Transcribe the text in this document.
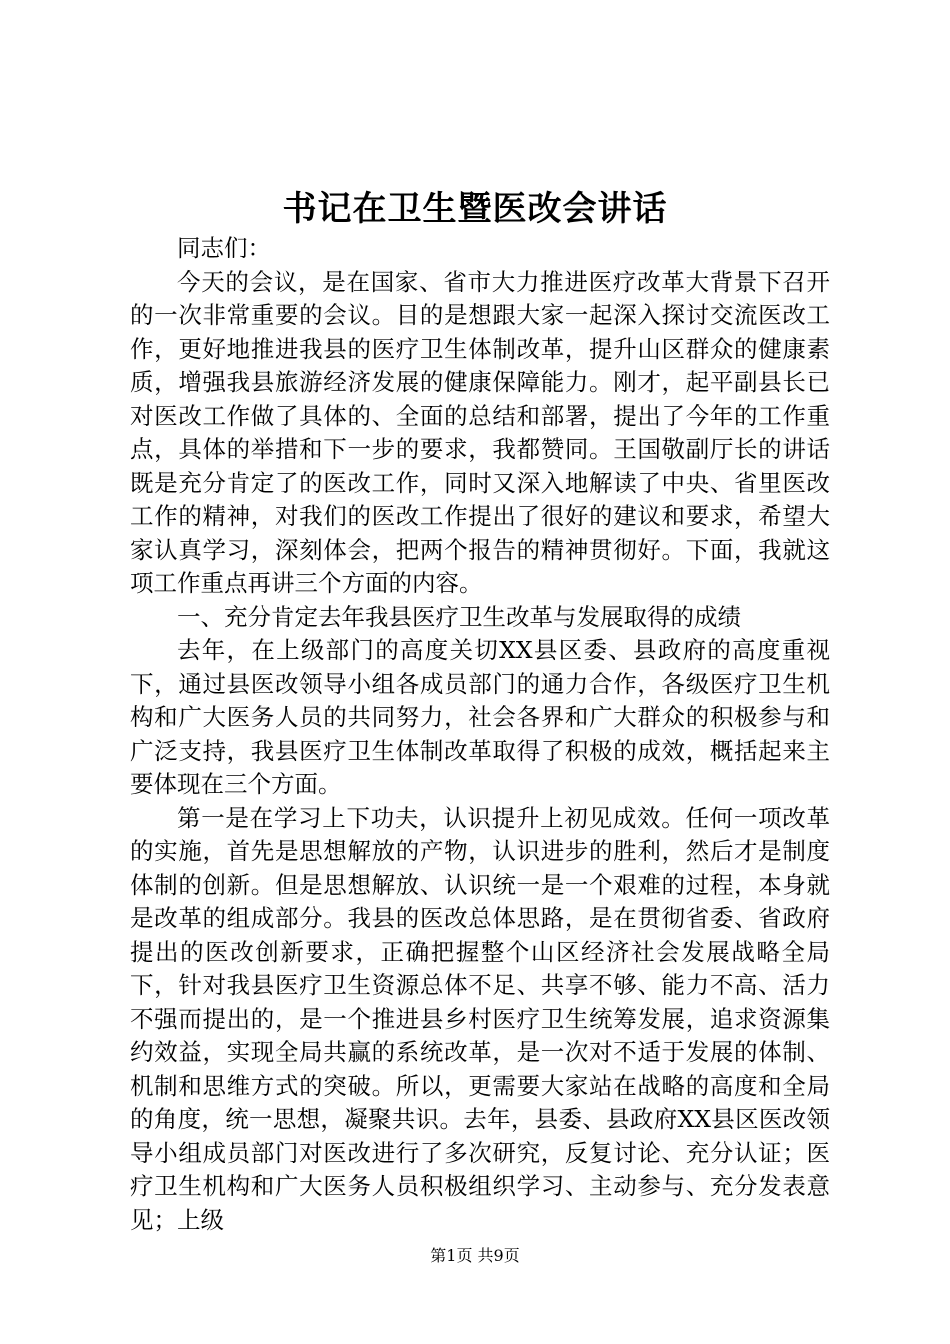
书记在卫生暨医改会讲话

同志们：

今天的会议，是在国家、省市大力推进医疗改革大背景下召开的一次非常重要的会议。目的是想跟大家一起深入探讨交流医改工作，更好地推进我县的医疗卫生体制改革，提升山区群众的健康素质，增强我县旅游经济发展的健康保障能力。刚才，起平副县长已对医改工作做了具体的、全面的总结和部署，提出了今年的工作重点，具体的举措和下一步的要求，我都赞同。王国敬副厅长的讲话既是充分肯定了的医改工作，同时又深入地解读了中央、省里医改工作的精神，对我们的医改工作提出了很好的建议和要求，希望大家认真学习，深刻体会，把两个报告的精神贯彻好。下面，我就这项工作重点再讲三个方面的内容。

一、充分肯定去年我县医疗卫生改革与发展取得的成绩

去年，在上级部门的高度关切XX县区委、县政府的高度重视下，通过县医改领导小组各成员部门的通力合作，各级医疗卫生机构和广大医务人员的共同努力，社会各界和广大群众的积极参与和广泛支持，我县医疗卫生体制改革取得了积极的成效，概括起来主要体现在三个方面。

第一是在学习上下功夫，认识提升上初见成效。任何一项改革的实施，首先是思想解放的产物，认识进步的胜利，然后才是制度体制的创新。但是思想解放、认识统一是一个艰难的过程，本身就是改革的组成部分。我县的医改总体思路，是在贯彻省委、省政府提出的医改创新要求，正确把握整个山区经济社会发展战略全局下，针对我县医疗卫生资源总体不足、共享不够、能力不高、活力不强而提出的，是一个推进县乡村医疗卫生统筹发展，追求资源集约效益，实现全局共赢的系统改革，是一次对不适于发展的体制、机制和思维方式的突破。所以，更需要大家站在战略的高度和全局的角度，统一思想，凝聚共识。去年，县委、县政府XX县区医改领导小组成员部门对医改进行了多次研究，反复讨论、充分认证；医疗卫生机构和广大医务人员积极组织学习、主动参与、充分发表意见；上级

第1页 共9页
